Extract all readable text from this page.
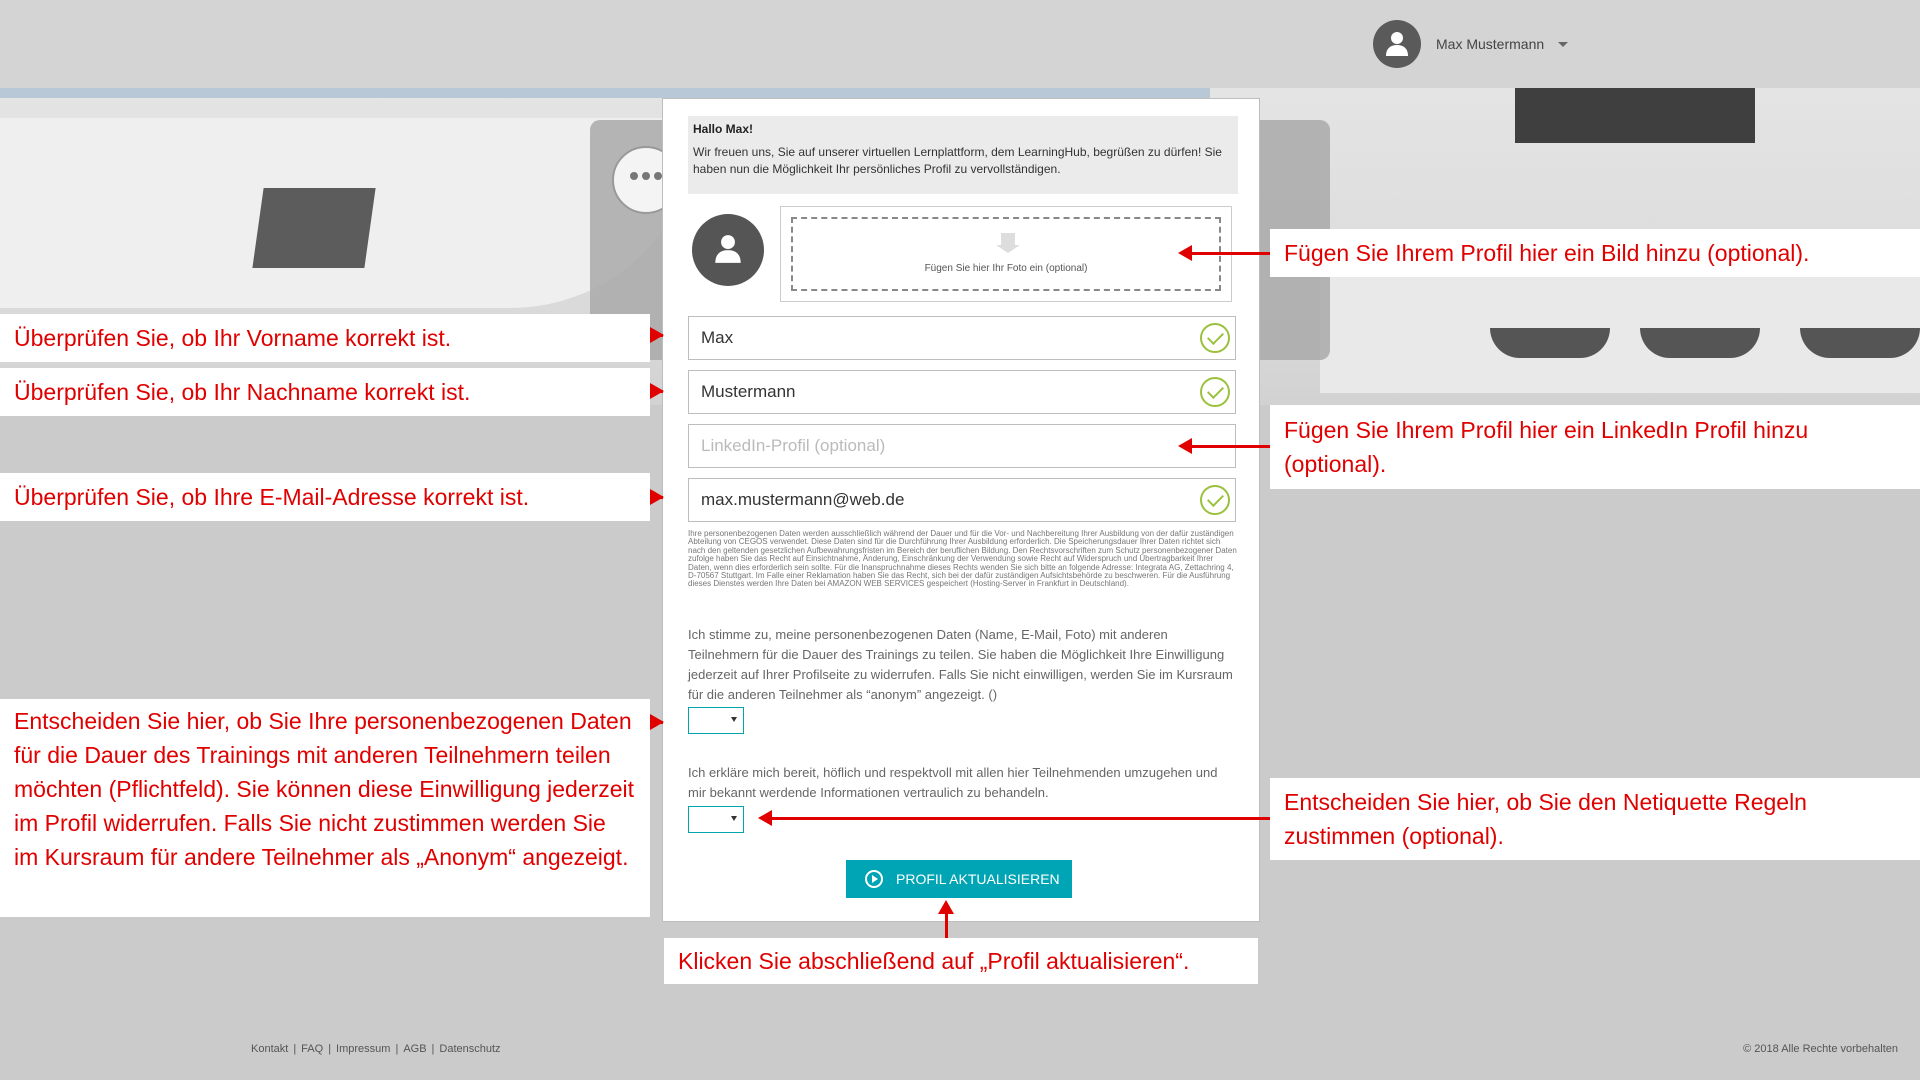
Max Mustermann
Hallo Max!
Wir freuen uns, Sie auf unserer virtuellen Lernplattform, dem LearningHub, begrüßen zu dürfen! Sie haben nun die Möglichkeit Ihr persönliches Profil zu vervollständigen.
Fügen Sie hier Ihr Foto ein (optional)
Max
Mustermann
LinkedIn-Profil (optional)
max.mustermann@web.de
Ihre personenbezogenen Daten werden ausschließlich während der Dauer und für die Vor- und Nachbereitung Ihrer Ausbildung von der dafür zuständigen Abteilung von CEGOS verwendet. Diese Daten sind für die Durchführung Ihrer Ausbildung erforderlich. Die Speicherungsdauer Ihrer Daten richtet sich nach den geltenden gesetzlichen Aufbewahrungsfristen im Bereich der beruflichen Bildung. Den Rechtsvorschriften zum Schutz personenbezogener Daten zufolge haben Sie das Recht auf Einsichtnahme, Änderung, Einschränkung der Verwendung sowie Recht auf Widerspruch und Übertragbarkeit Ihrer Daten, wenn dies erforderlich sein sollte. Für die Inanspruchnahme dieses Rechts wenden Sie sich bitte an folgende Adresse: Integrata AG, Zettachring 4, D-70567 Stuttgart. Im Falle einer Reklamation haben Sie das Recht, sich bei der dafür zuständigen Aufsichtsbehörde zu beschweren. Für die Ausführung dieses Dienstes werden Ihre Daten bei AMAZON WEB SERVICES gespeichert (Hosting-Server in Frankfurt in Deutschland).
Ich stimme zu, meine personenbezogenen Daten (Name, E-Mail, Foto) mit anderen Teilnehmern für die Dauer des Trainings zu teilen. Sie haben die Möglichkeit Ihre Einwilligung jederzeit auf Ihrer Profilseite zu widerrufen. Falls Sie nicht einwilligen, werden Sie im Kursraum für die anderen Teilnehmer als “anonym” angezeigt. ()
Ich erkläre mich bereit, höflich und respektvoll mit allen hier Teilnehmenden umzugehen und mir bekannt werdende Informationen vertraulich zu behandeln.
PROFIL AKTUALISIEREN
Fügen Sie Ihrem Profil hier ein Bild hinzu (optional).
Überprüfen Sie, ob Ihr Vorname korrekt ist.
Überprüfen Sie, ob Ihr Nachname korrekt ist.
Fügen Sie Ihrem Profil hier ein LinkedIn Profil hinzu (optional).
Überprüfen Sie, ob Ihre E-Mail-Adresse korrekt ist.
Entscheiden Sie hier, ob Sie Ihre personenbezogenen Daten für die Dauer des Trainings mit anderen Teilnehmern teilen möchten (Pflichtfeld). Sie können diese Einwilligung jederzeit im Profil widerrufen. Falls Sie nicht zustimmen werden Sie im Kursraum für andere Teilnehmer als „Anonym“ angezeigt.
Entscheiden Sie hier, ob Sie den Netiquette Regeln zustimmen (optional).
Klicken Sie abschließend auf „Profil aktualisieren“.
Kontakt | FAQ | Impressum | AGB | Datenschutz	© 2018 Alle Rechte vorbehalten
